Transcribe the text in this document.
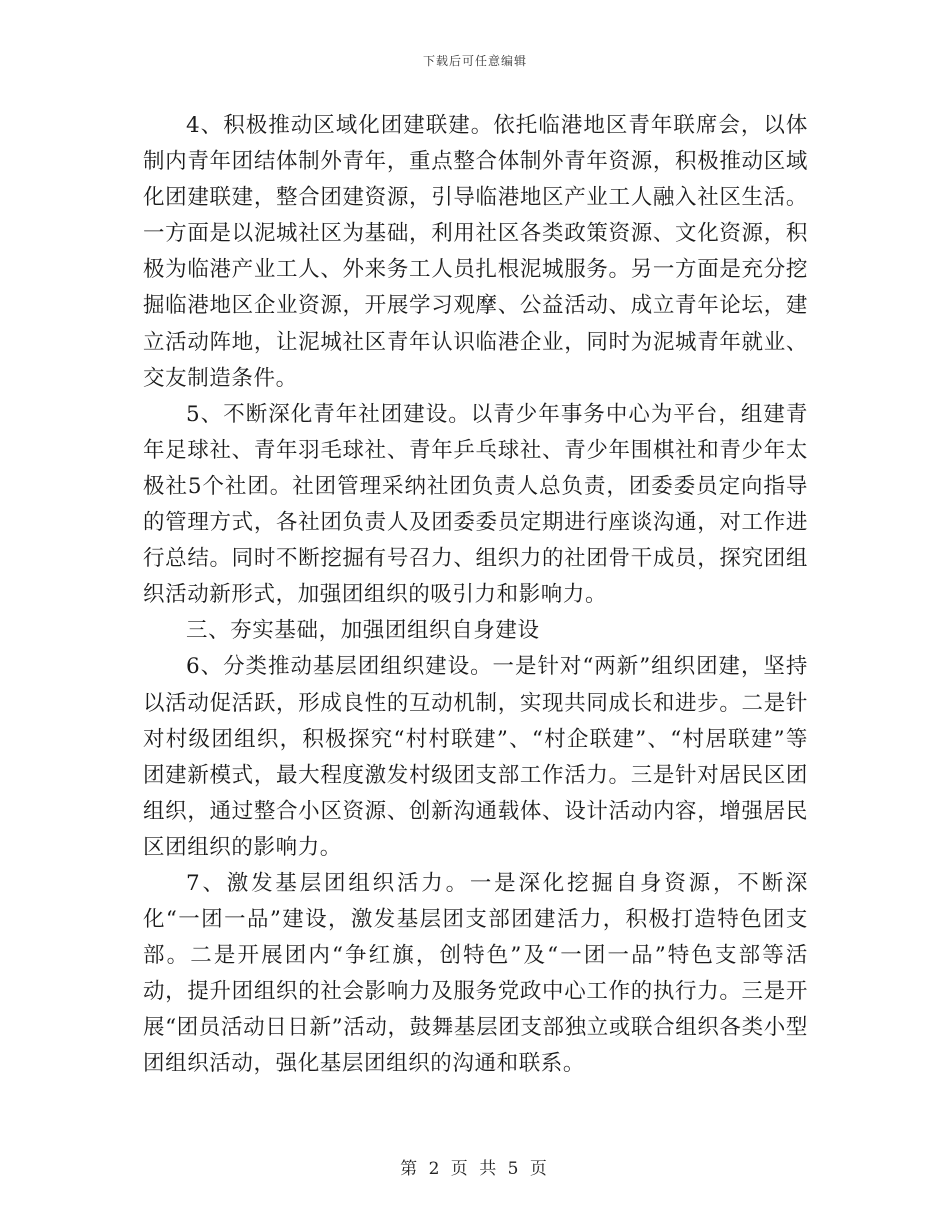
下载后可任意编辑

4、积极推动区域化团建联建。依托临港地区青年联席会，以体制内青年团结体制外青年，重点整合体制外青年资源，积极推动区域化团建联建，整合团建资源，引导临港地区产业工人融入社区生活。一方面是以泥城社区为基础，利用社区各类政策资源、文化资源，积极为临港产业工人、外来务工人员扎根泥城服务。另一方面是充分挖掘临港地区企业资源，开展学习观摩、公益活动、成立青年论坛，建立活动阵地，让泥城社区青年认识临港企业，同时为泥城青年就业、交友制造条件。

5、不断深化青年社团建设。以青少年事务中心为平台，组建青年足球社、青年羽毛球社、青年乒乓球社、青少年围棋社和青少年太极社5个社团。社团管理采纳社团负责人总负责，团委委员定向指导的管理方式，各社团负责人及团委委员定期进行座谈沟通，对工作进行总结。同时不断挖掘有号召力、组织力的社团骨干成员，探究团组织活动新形式，加强团组织的吸引力和影响力。

三、夯实基础，加强团组织自身建设

6、分类推动基层团组织建设。一是针对“两新”组织团建，坚持以活动促活跃，形成良性的互动机制，实现共同成长和进步。二是针对村级团组织，积极探究“村村联建”、“村企联建”、“村居联建”等团建新模式，最大程度激发村级团支部工作活力。三是针对居民区团组织，通过整合小区资源、创新沟通载体、设计活动内容，增强居民区团组织的影响力。

7、激发基层团组织活力。一是深化挖掘自身资源，不断深化“一团一品”建设，激发基层团支部团建活力，积极打造特色团支部。二是开展团内“争红旗，创特色”及“一团一品”特色支部等活动，提升团组织的社会影响力及服务党政中心工作的执行力。三是开展“团员活动日日新”活动，鼓舞基层团支部独立或联合组织各类小型团组织活动，强化基层团组织的沟通和联系。

第 2 页 共 5 页
